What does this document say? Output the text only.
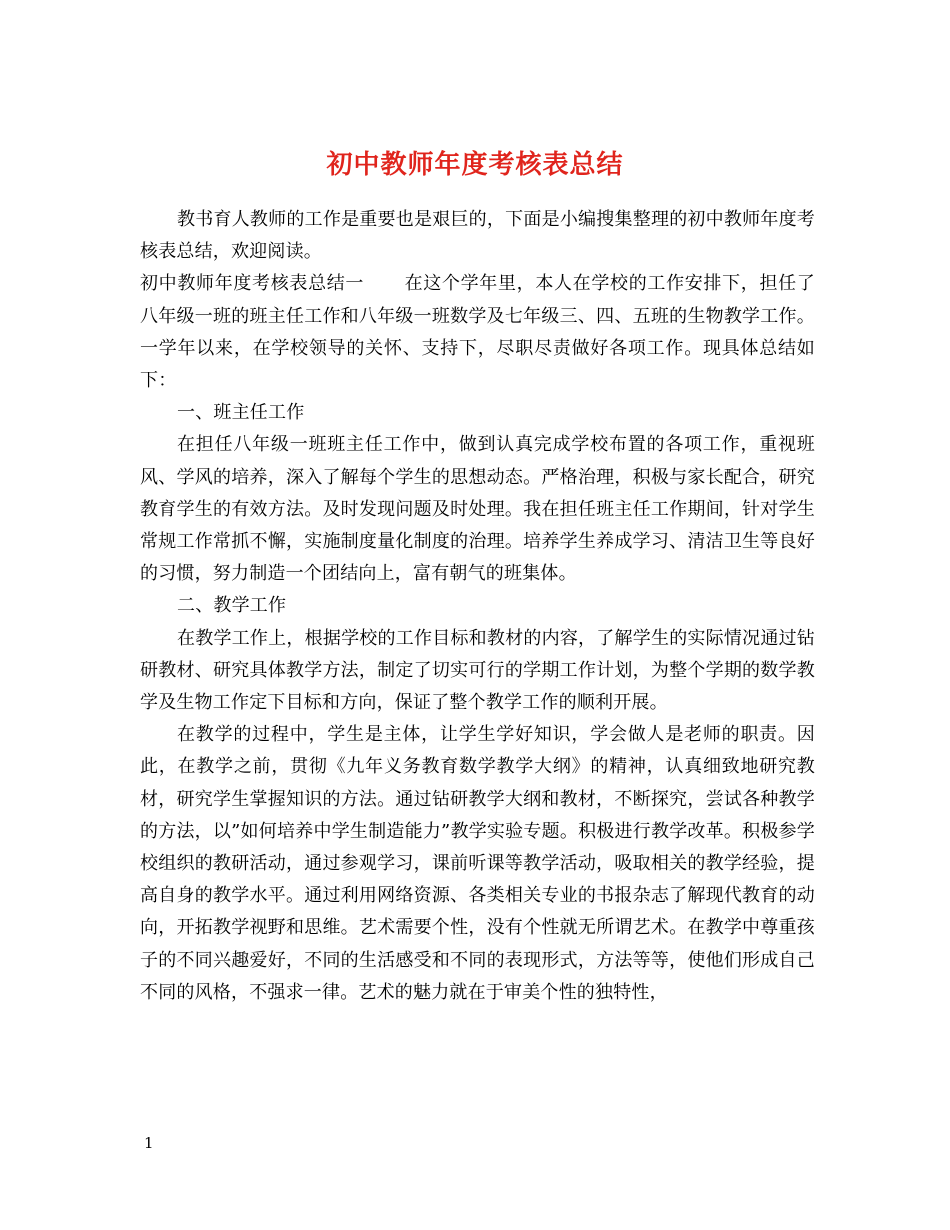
初中教师年度考核表总结

教书育人教师的工作是重要也是艰巨的，下面是小编搜集整理的初中教师年度考核表总结，欢迎阅读。

初中教师年度考核表总结一 在这个学年里，本人在学校的工作安排下，担任了八年级一班的班主任工作和八年级一班数学及七年级三、四、五班的生物教学工作。一学年以来，在学校领导的关怀、支持下，尽职尽责做好各项工作。现具体总结如下：

一、班主任工作

在担任八年级一班班主任工作中，做到认真完成学校布置的各项工作，重视班风、学风的培养，深入了解每个学生的思想动态。严格治理，积极与家长配合，研究教育学生的有效方法。及时发现问题及时处理。我在担任班主任工作期间，针对学生常规工作常抓不懈，实施制度量化制度的治理。培养学生养成学习、清洁卫生等良好的习惯，努力制造一个团结向上，富有朝气的班集体。

二、教学工作

在教学工作上，根据学校的工作目标和教材的内容，了解学生的实际情况通过钻研教材、研究具体教学方法，制定了切实可行的学期工作计划，为整个学期的数学教学及生物工作定下目标和方向，保证了整个教学工作的顺利开展。

在教学的过程中，学生是主体，让学生学好知识，学会做人是老师的职责。因此，在教学之前，贯彻《九年义务教育数学教学大纲》的精神，认真细致地研究教材，研究学生掌握知识的方法。通过钻研教学大纲和教材，不断探究，尝试各种教学的方法，以”如何培养中学生制造能力”教学实验专题。积极进行教学改革。积极参学校组织的教研活动，通过参观学习，课前听课等教学活动，吸取相关的教学经验，提高自身的教学水平。通过利用网络资源、各类相关专业的书报杂志了解现代教育的动向，开拓教学视野和思维。艺术需要个性，没有个性就无所谓艺术。在教学中尊重孩子的不同兴趣爱好，不同的生活感受和不同的表现形式，方法等等，使他们形成自己不同的风格，不强求一律。艺术的魅力就在于审美个性的独特性，

1
